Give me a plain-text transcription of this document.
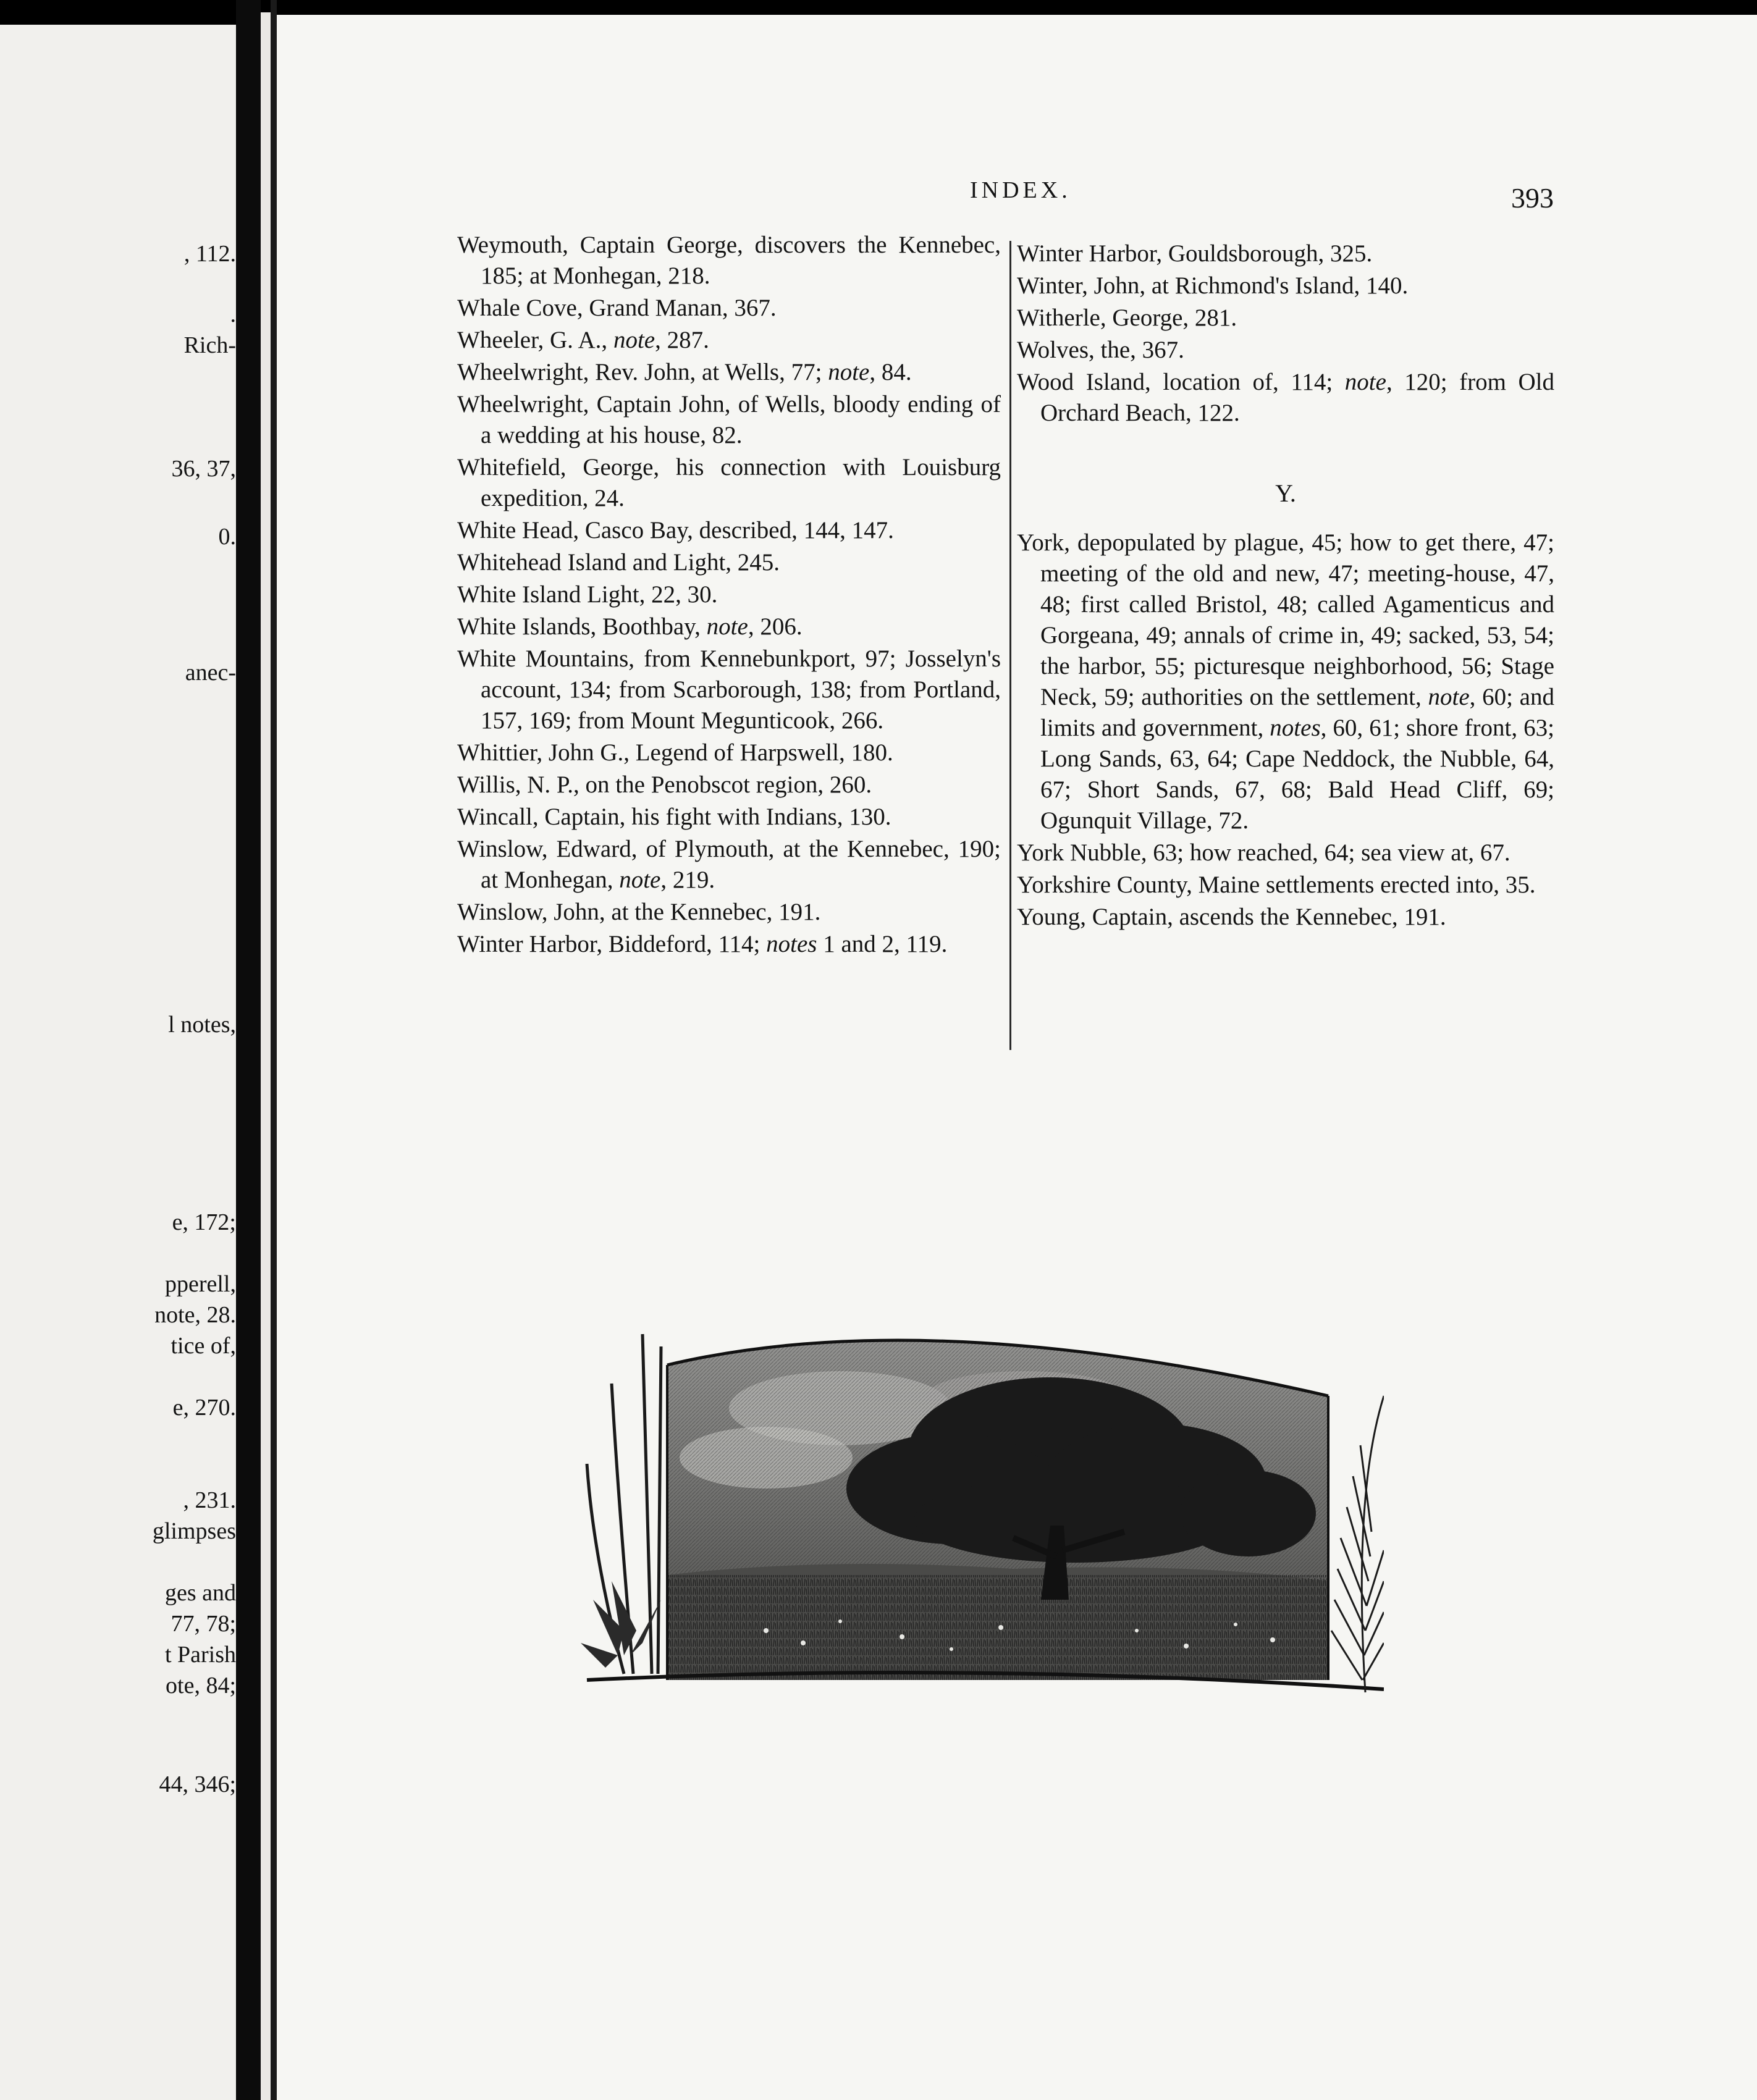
, 112.

.

Rich-

36, 37,

0.

anec-

l notes,

e, 172;

pperell,

note, 28.

tice of,

e, 270.

, 231.

glimpses

ges and

77, 78;

t Parish

ote, 84;

44, 346;

INDEX.	393

Weymouth, Captain George, discovers the Kennebec, 185; at Monhegan, 218.

Whale Cove, Grand Manan, 367.

Wheeler, G. A., note, 287.

Wheelwright, Rev. John, at Wells, 77; note, 84.

Wheelwright, Captain John, of Wells, bloody ending of a wedding at his house, 82.

Whitefield, George, his connection with Louisburg expedition, 24.

White Head, Casco Bay, described, 144, 147.

Whitehead Island and Light, 245.

White Island Light, 22, 30.

White Islands, Boothbay, note, 206.

White Mountains, from Kennebunkport, 97; Josselyn's account, 134; from Scarborough, 138; from Portland, 157, 169; from Mount Megunticook, 266.

Whittier, John G., Legend of Harpswell, 180.

Willis, N. P., on the Penobscot region, 260.

Wincall, Captain, his fight with Indians, 130.

Winslow, Edward, of Plymouth, at the Kennebec, 190; at Monhegan, note, 219.

Winslow, John, at the Kennebec, 191.

Winter Harbor, Biddeford, 114; notes 1 and 2, 119.

Winter Harbor, Gouldsborough, 325.

Winter, John, at Richmond's Island, 140.

Witherle, George, 281.

Wolves, the, 367.

Wood Island, location of, 114; note, 120; from Old Orchard Beach, 122.

Y.

York, depopulated by plague, 45; how to get there, 47; meeting of the old and new, 47; meeting-house, 47, 48; first called Bristol, 48; called Agamenticus and Gorgeana, 49; annals of crime in, 49; sacked, 53, 54; the harbor, 55; picturesque neighborhood, 56; Stage Neck, 59; authorities on the settlement, note, 60; and limits and government, notes, 60, 61; shore front, 63; Long Sands, 63, 64; Cape Neddock, the Nubble, 64, 67; Short Sands, 67, 68; Bald Head Cliff, 69; Ogunquit Village, 72.

York Nubble, 63; how reached, 64; sea view at, 67.

Yorkshire County, Maine settlements erected into, 35.

Young, Captain, ascends the Kennebec, 191.
